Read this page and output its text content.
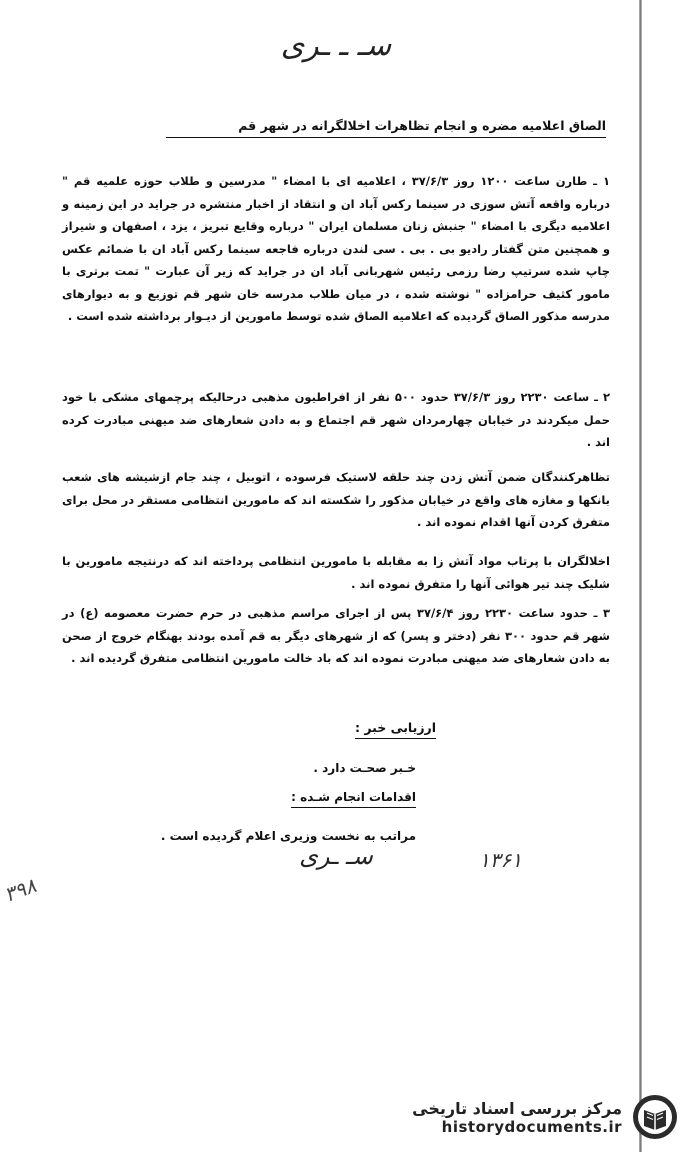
سـ ـ ـری
الصاق اعلامیه مضره و انجام تظاهرات اخلالگرانه در شهر قم

۱ ـ طارن ساعت ۱۲۰۰ روز ۳۷/۶/۳ ، اعلامیه ای با امضاء " مدرسین و طلاب حوزه علمیه قم " درباره واقعه آتش سوزی در سینما رکس آباد ان و انتقاد از اخبار منتشره در جراید در این زمینه و اعلامیه دیگری با امضاء " جنبش زنان مسلمان ایران " درباره وقایع تبریز ، یزد ، اصفهان و شیراز و همچنین متن گفتار رادیو بی . بی . سی لندن درباره فاجعه سینما رکس آباد ان با ضمائم عکس چاپ شده سرتیپ رضا رزمی رئیس شهربانی آباد ان در جراید که زیر آن عبارت " تمت برتری با مامور کثیف حرامزاده " نوشته شده ، در میان طلاب مدرسه خان شهر قم توزیع و به دیوارهای مدرسه مذکور الصاق گردیده که اعلامیه الصاق شده توسط مامورین از دیـوار برداشته شده است .

۲ ـ ساعت ۲۲۳۰ روز ۳۷/۶/۳ حدود ۵۰۰ نفر از افراطیون مذهبی درحالیکه پرچمهای مشکی با خود حمل میکردند در خیابان چهارمردان شهر قم اجتماع و به دادن شعارهای ضد میهنی مبادرت کرده اند .

تظاهرکنندگان ضمن آتش زدن چند حلقه لاستیک فرسوده ، اتوبیل ، چند جام ازشیشه های شعب بانکها و مغازه های واقع در خیابان مذکور را شکسته اند که مامورین انتظامی مستقر در محل برای متفرق کردن آنها اقدام نموده اند .

اخلالگران با پرتاب مواد آتش زا به مقابله با مامورین انتظامی پرداخته اند که درنتیجه مامورین با شلیک چند تیر هوائی آنها را متفرق نموده اند .

۳ ـ حدود ساعت ۲۲۳۰ روز ۳۷/۶/۴ پس از اجرای مراسم مذهبی در حرم حضرت معصومه (ع) در شهر قم حدود ۳۰۰ نفر (دختر و پسر) که از شهرهای دیگر به قم آمده بودند بهنگام خروج از صحن به دادن شعارهای ضد میهنی مبادرت نموده اند که باد خالت مامورین انتظامی متفرق گردیده اند .

ارزیابی خبر :
خـبر صحـت دارد .
اقدامات انجام شـده :
مراتب به نخست وزیری اعلام گردیده است .
سـ ـری	۱۳۶۱
۳۹۸
مرکز بررسی اسناد تاریخی
historydocuments.ir
